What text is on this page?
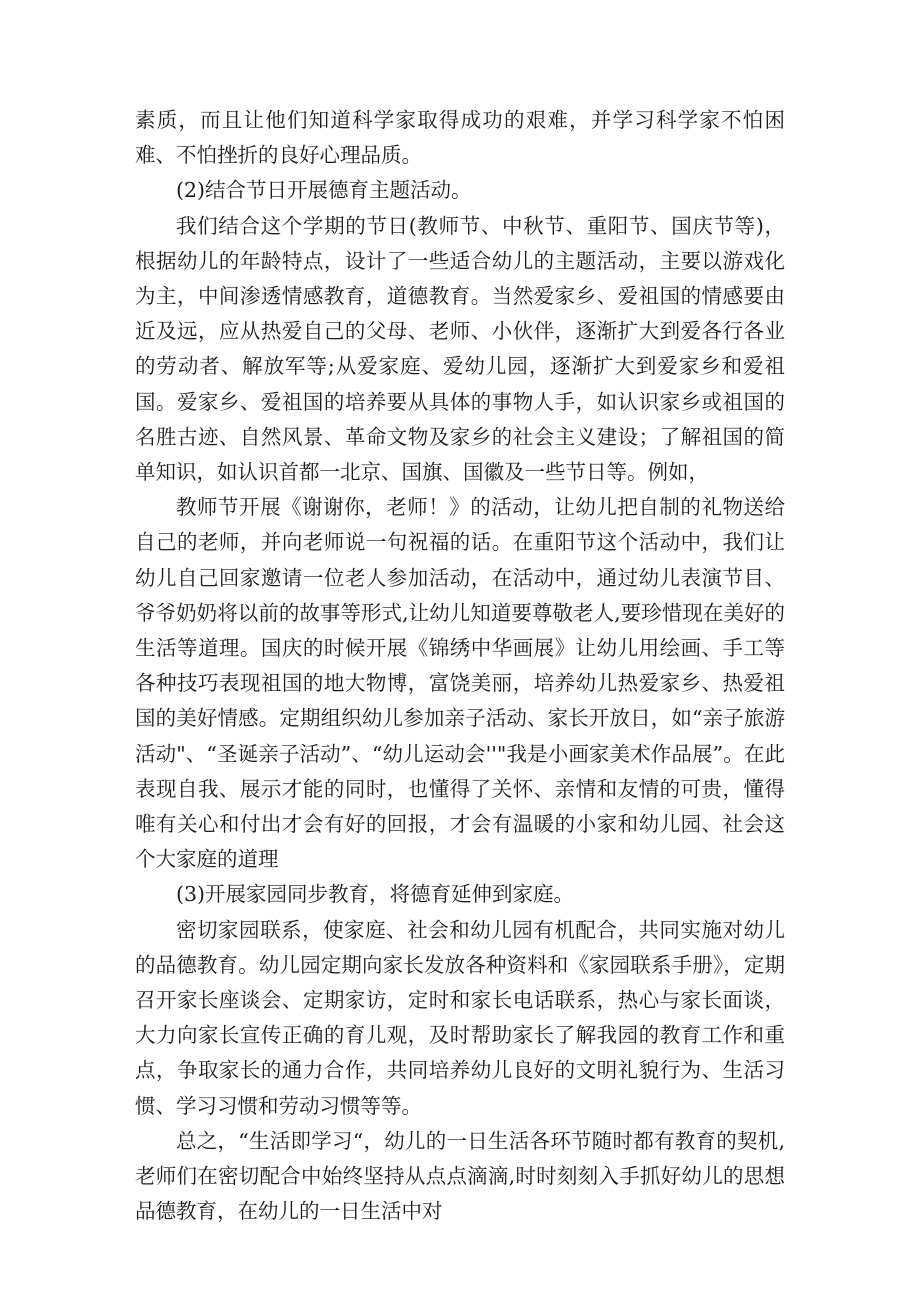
素质，而且让他们知道科学家取得成功的艰难，并学习科学家不怕困难、不怕挫折的良好心理品质。

(2)结合节日开展德育主题活动。

我们结合这个学期的节日(教师节、中秋节、重阳节、国庆节等)，根据幼儿的年龄特点，设计了一些适合幼儿的主题活动，主要以游戏化为主，中间渗透情感教育，道德教育。当然爱家乡、爱祖国的情感要由近及远，应从热爱自己的父母、老师、小伙伴，逐渐扩大到爱各行各业的劳动者、解放军等;从爱家庭、爱幼儿园，逐渐扩大到爱家乡和爱祖国。爱家乡、爱祖国的培养要从具体的事物人手，如认识家乡或祖国的名胜古迹、自然风景、革命文物及家乡的社会主义建设；了解祖国的简单知识，如认识首都一北京、国旗、国徽及一些节日等。例如，

教师节开展《谢谢你，老师！》的活动，让幼儿把自制的礼物送给自己的老师，并向老师说一句祝福的话。在重阳节这个活动中，我们让幼儿自己回家邀请一位老人参加活动，在活动中，通过幼儿表演节目、爷爷奶奶将以前的故事等形式,让幼儿知道要尊敬老人,要珍惜现在美好的生活等道理。国庆的时候开展《锦绣中华画展》让幼儿用绘画、手工等各种技巧表现祖国的地大物博，富饶美丽，培养幼儿热爱家乡、热爱祖国的美好情感。定期组织幼儿参加亲子活动、家长开放日，如“亲子旅游活动"、“圣诞亲子活动”、“幼儿运动会''"我是小画家美术作品展”。在此表现自我、展示才能的同时，也懂得了关怀、亲情和友情的可贵，懂得唯有关心和付出才会有好的回报，才会有温暖的小家和幼儿园、社会这个大家庭的道理

(3)开展家园同步教育，将德育延伸到家庭。

密切家园联系，使家庭、社会和幼儿园有机配合，共同实施对幼儿的品德教育。幼儿园定期向家长发放各种资料和《家园联系手册》，定期召开家长座谈会、定期家访，定时和家长电话联系，热心与家长面谈，大力向家长宣传正确的育儿观，及时帮助家长了解我园的教育工作和重点，争取家长的通力合作，共同培养幼儿良好的文明礼貌行为、生活习惯、学习习惯和劳动习惯等等。

总之，“生活即学习“，幼儿的一日生活各环节随时都有教育的契机,老师们在密切配合中始终坚持从点点滴滴,时时刻刻入手抓好幼儿的思想品德教育，在幼儿的一日生活中对
